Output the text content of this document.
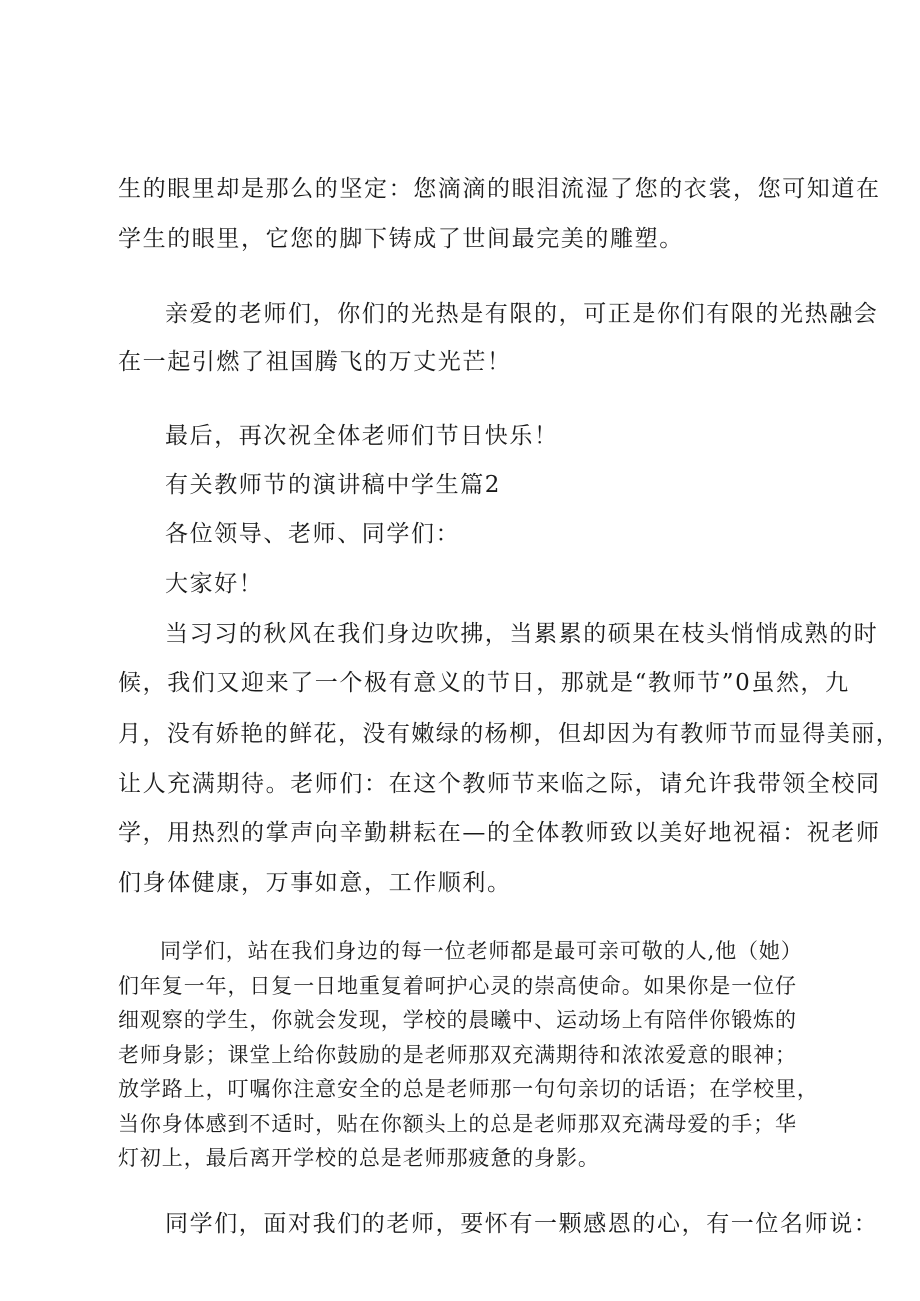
生的眼里却是那么的坚定：您滴滴的眼泪流湿了您的衣裳，您可知道在
学生的眼里，它您的脚下铸成了世间最完美的雕塑。
亲爱的老师们，你们的光热是有限的，可正是你们有限的光热融会
在一起引燃了祖国腾飞的万丈光芒！
最后，再次祝全体老师们节日快乐！
有关教师节的演讲稿中学生篇2
各位领导、老师、同学们：
大家好！
当习习的秋风在我们身边吹拂，当累累的硕果在枝头悄悄成熟的时
候，我们又迎来了一个极有意义的节日，那就是“教师节”0虽然，九
月，没有娇艳的鲜花，没有嫩绿的杨柳，但却因为有教师节而显得美丽，
让人充满期待。老师们：在这个教师节来临之际，请允许我带领全校同
学，用热烈的掌声向辛勤耕耘在—的全体教师致以美好地祝福：祝老师
们身体健康，万事如意，工作顺利。
同学们，站在我们身边的每一位老师都是最可亲可敬的人,他（她）
们年复一年，日复一日地重复着呵护心灵的崇高使命。如果你是一位仔
细观察的学生，你就会发现，学校的晨曦中、运动场上有陪伴你锻炼的
老师身影；课堂上给你鼓励的是老师那双充满期待和浓浓爱意的眼神；
放学路上，叮嘱你注意安全的总是老师那一句句亲切的话语；在学校里，
当你身体感到不适时，贴在你额头上的总是老师那双充满母爱的手；华
灯初上，最后离开学校的总是老师那疲惫的身影。
同学们，面对我们的老师，要怀有一颗感恩的心，有一位名师说：
